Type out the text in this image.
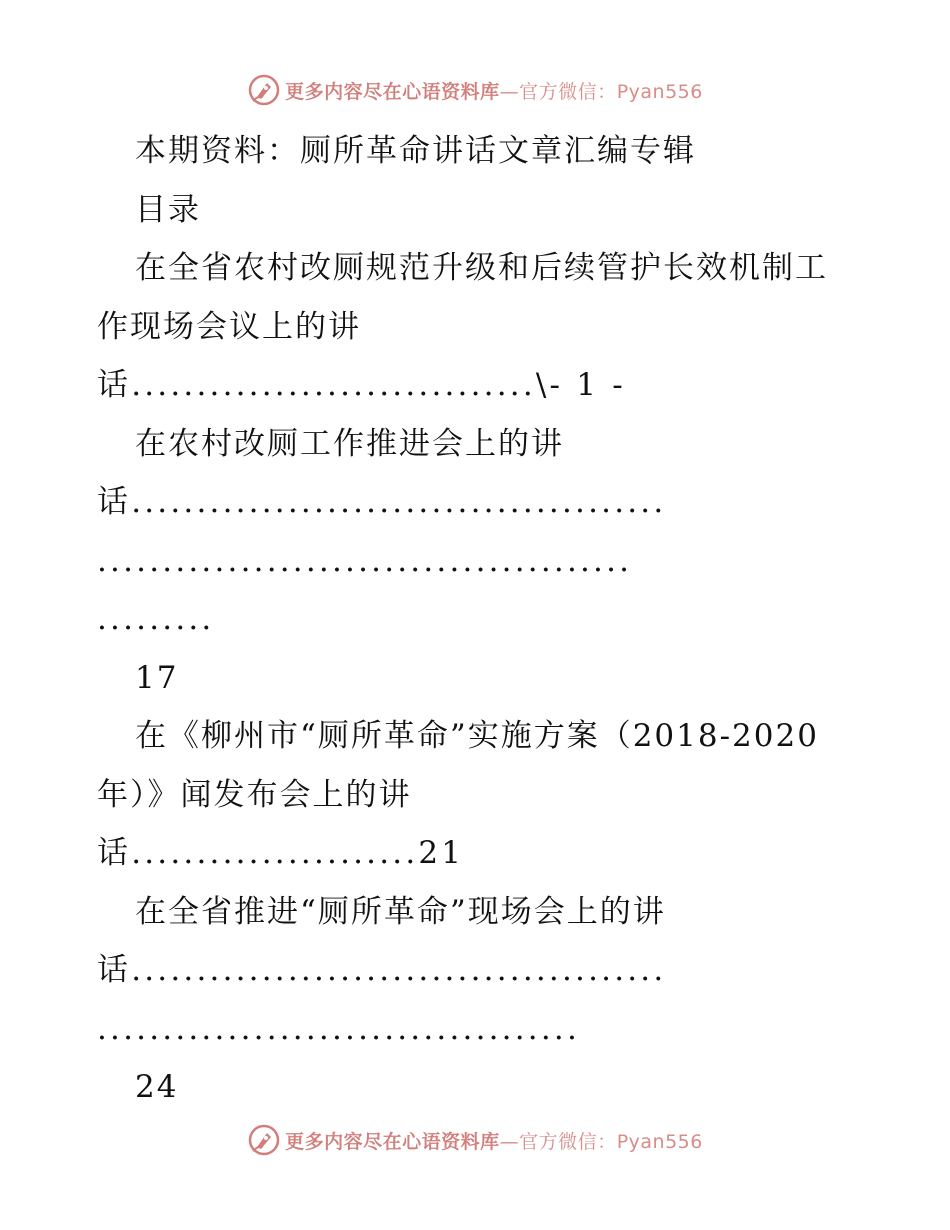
更多内容尽在心语资料库—官方微信：Pyan556
本期资料：厕所革命讲话文章汇编专辑
目录
在全省农村改厕规范升级和后续管护长效机制工
作现场会议上的讲
话...............................\- 1 -
在农村改厕工作推进会上的讲
话.........................................
.........................................
.........
17
在《柳州市“厕所革命”实施方案（2018-2020
年）》闻发布会上的讲
话......................21
在全省推进“厕所革命”现场会上的讲
话.........................................
.....................................
24
更多内容尽在心语资料库—官方微信：Pyan556
